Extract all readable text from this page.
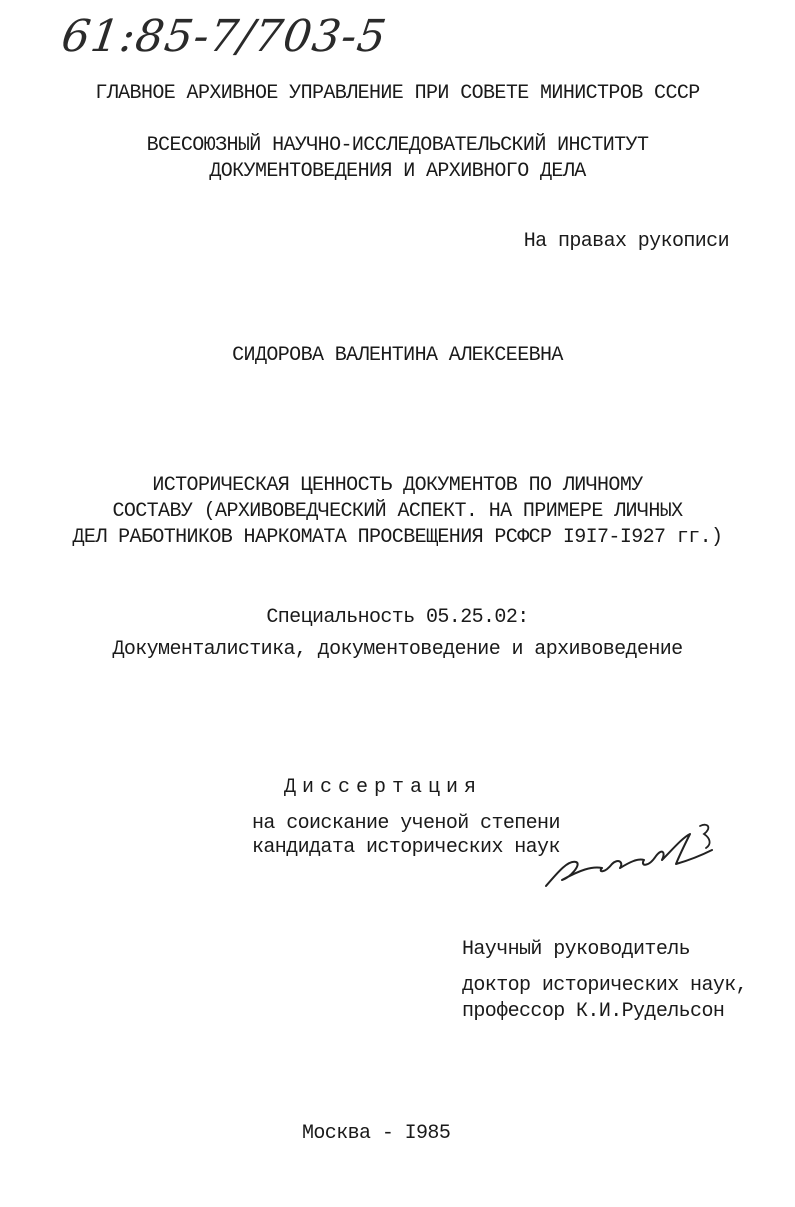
61:85-7/703-5
ГЛАВНОЕ АРХИВНОЕ УПРАВЛЕНИЕ ПРИ СОВЕТЕ МИНИСТРОВ СССР
ВСЕСОЮЗНЫЙ НАУЧНО-ИССЛЕДОВАТЕЛЬСКИЙ ИНСТИТУТ
ДОКУМЕНТОВЕДЕНИЯ И АРХИВНОГО ДЕЛА
На правах рукописи
СИДОРОВА ВАЛЕНТИНА АЛЕКСЕЕВНА
ИСТОРИЧЕСКАЯ ЦЕННОСТЬ ДОКУМЕНТОВ ПО ЛИЧНОМУ
СОСТАВУ (АРХИВОВЕДЧЕСКИЙ АСПЕКТ. НА ПРИМЕРЕ ЛИЧНЫХ
ДЕЛ РАБОТНИКОВ НАРКОМАТА ПРОСВЕЩЕНИЯ РСФСР I9I7-I927 гг.)
Специальность 05.25.02:
Документалистика, документоведение и архивоведение
Диссертация
на соискание ученой степени
кандидата исторических наук
Научный руководитель
доктор исторических наук,
профессор К.И.Рудельсон
Москва - I985
